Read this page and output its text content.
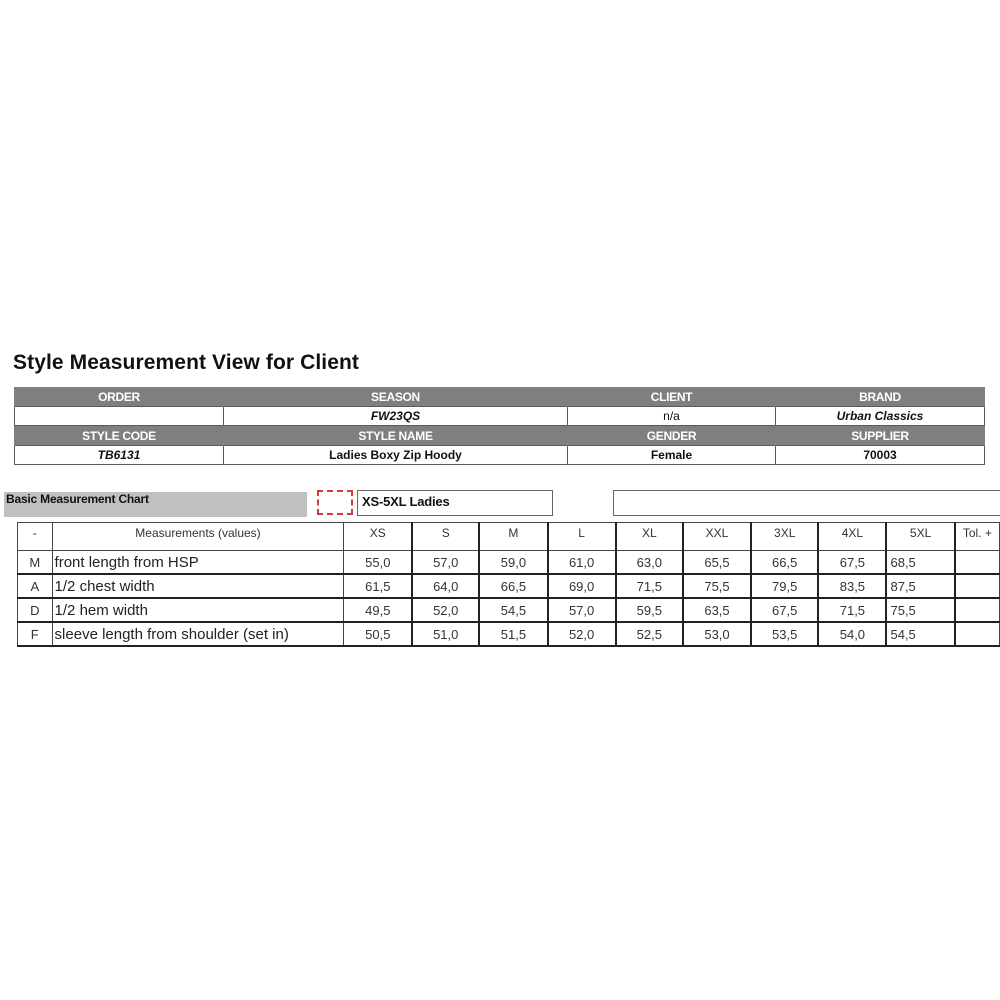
Style Measurement View for Client
ORDER	SEASON	CLIENT	BRAND
	FW23QS	n/a	Urban Classics
STYLE CODE	STYLE NAME	GENDER	SUPPLIER
TB6131	Ladies Boxy Zip Hoody	Female	70003
Basic Measurement Chart	XS-5XL Ladies
-	Measurements (values)	XS	S	M	L	XL	XXL	3XL	4XL	5XL	Tol. +
M	front length from HSP	55,0	57,0	59,0	61,0	63,0	65,5	66,5	67,5	68,5	
A	1/2 chest width	61,5	64,0	66,5	69,0	71,5	75,5	79,5	83,5	87,5	
D	1/2 hem width	49,5	52,0	54,5	57,0	59,5	63,5	67,5	71,5	75,5	
F	sleeve length from shoulder (set in)	50,5	51,0	51,5	52,0	52,5	53,0	53,5	54,0	54,5	
